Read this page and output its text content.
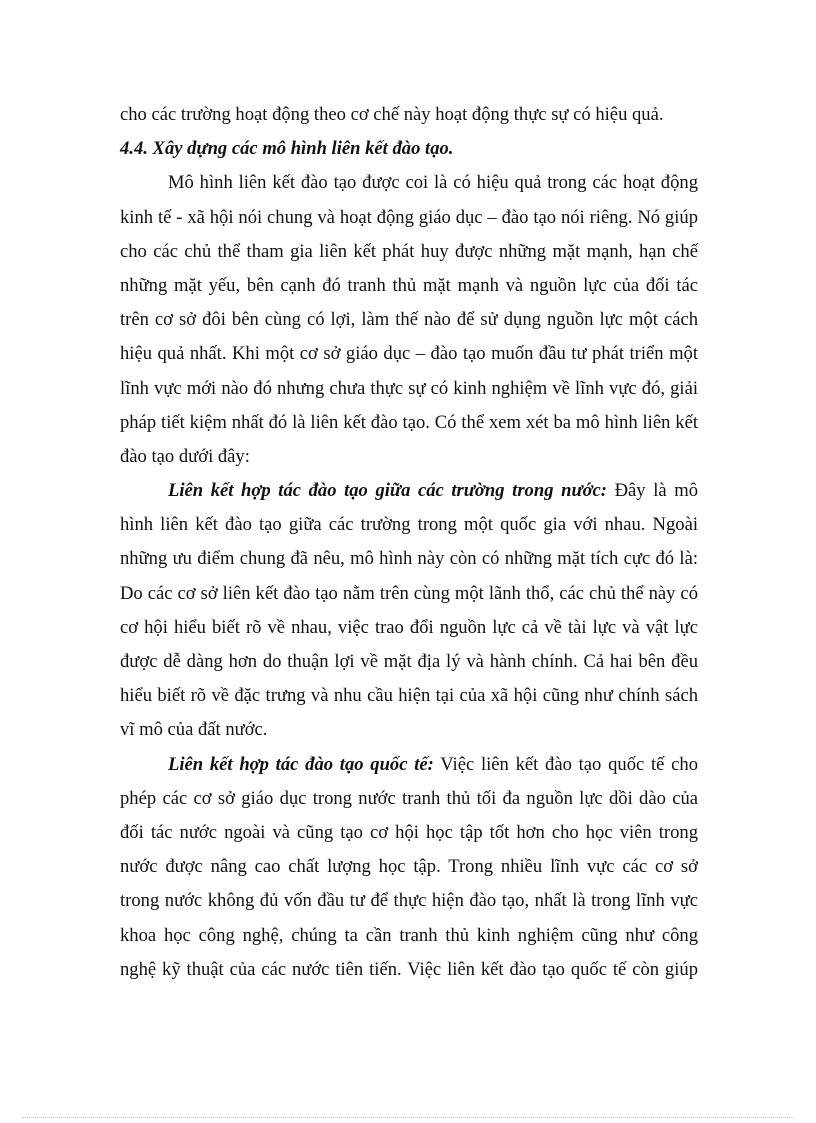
cho các trường hoạt động theo cơ chế này hoạt động thực sự có hiệu quả.
4.4. Xây dựng các mô hình liên kết đào tạo.
Mô hình liên kết đào tạo được coi là có hiệu quả trong các hoạt động
kinh tế - xã hội nói chung và hoạt động giáo dục – đào tạo nói riêng. Nó giúp
cho các chủ thể tham gia liên kết phát huy được những mặt mạnh, hạn chế
những mặt yếu, bên cạnh đó tranh thủ mặt mạnh và nguồn lực của đối tác
trên cơ sở đôi bên cùng có lợi, làm thế nào để sử dụng nguồn lực một cách
hiệu quả nhất. Khi một cơ sở giáo dục – đào tạo muốn đầu tư phát triển một
lĩnh vực mới nào đó nhưng chưa thực sự có kinh nghiệm về lĩnh vực đó, giải
pháp tiết kiệm nhất đó là liên kết đào tạo. Có thể xem xét ba mô hình liên kết
đào tạo dưới đây:
Liên kết hợp tác đào tạo giữa các trường trong nước: Đây là mô
hình liên kết đào tạo giữa các trường trong một quốc gia với nhau. Ngoài
những ưu điểm chung đã nêu, mô hình này còn có những mặt tích cực đó là:
Do các cơ sở liên kết đào tạo nằm trên cùng một lãnh thổ, các chủ thể này có
cơ hội hiểu biết rõ về nhau, việc trao đổi nguồn lực cả về tài lực và vật lực
được dễ dàng hơn do thuận lợi về mặt địa lý và hành chính. Cả hai bên đều
hiểu biết rõ về đặc trưng và nhu cầu hiện tại của xã hội cũng như chính sách
vĩ mô của đất nước.
Liên kết hợp tác đào tạo quốc tế: Việc liên kết đào tạo quốc tế cho
phép các cơ sở giáo dục trong nước tranh thủ tối đa nguồn lực dồi dào của
đối tác nước ngoài và cũng tạo cơ hội học tập tốt hơn cho học viên trong
nước được nâng cao chất lượng học tập. Trong nhiều lĩnh vực các cơ sở
trong nước không đủ vốn đầu tư để thực hiện đào tạo, nhất là trong lĩnh vực
khoa học công nghệ, chúng ta cần tranh thủ kinh nghiệm cũng như công
nghệ kỹ thuật của các nước tiên tiến. Việc liên kết đào tạo quốc tế còn giúp
